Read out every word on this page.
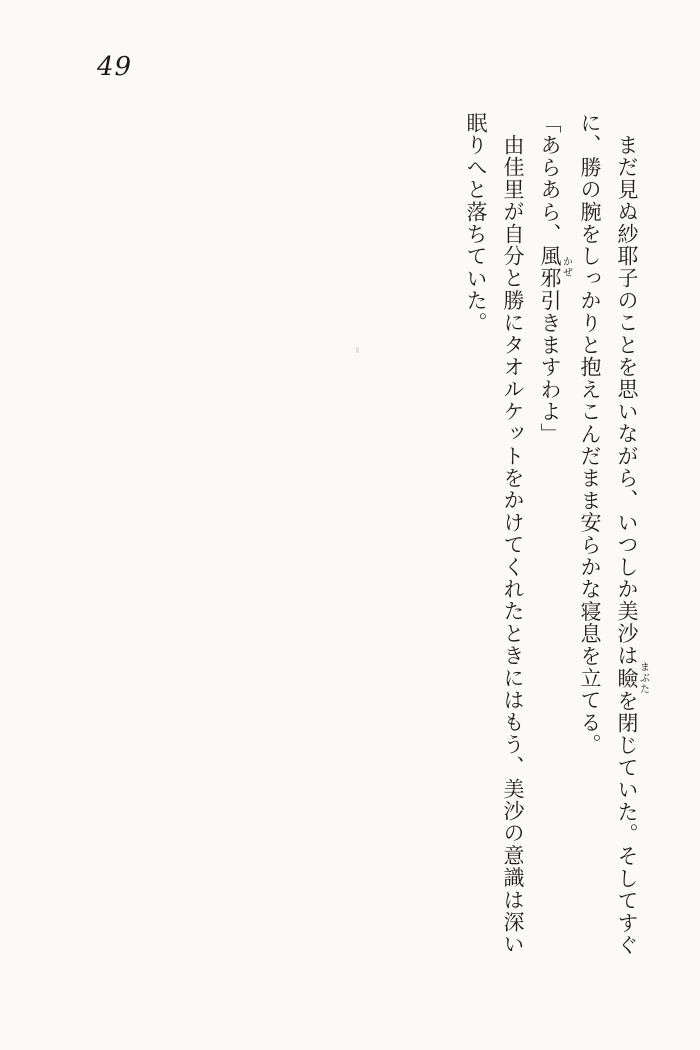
49
まだ見ぬ紗耶子のことを思いながら、いつしか美沙は瞼まぶたを閉じていた。そしてすぐ
に、勝の腕をしっかりと抱えこんだまま安らかな寝息を立てる。
「あらあら、風邪かぜ引きますわよ」
由佳里が自分と勝にタオルケットをかけてくれたときにはもう、美沙の意識は深い
眠りへと落ちていた。
